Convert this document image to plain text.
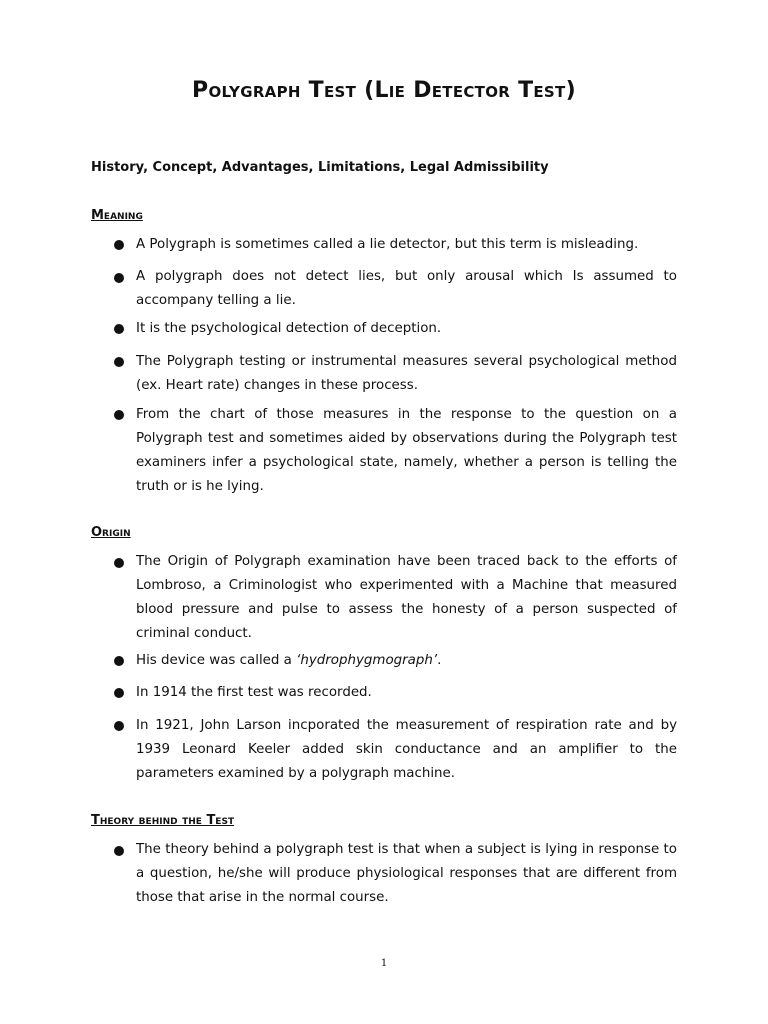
Polygraph Test (Lie Detector Test)

History, Concept, Advantages, Limitations, Legal Admissibility

Meaning

A Polygraph is sometimes called a lie detector, but this term is misleading.

A polygraph does not detect lies, but only arousal which Is assumed to accompany telling a lie.

It is the psychological detection of deception.

The Polygraph testing or instrumental measures several psychological method (ex. Heart rate) changes in these process.

From the chart of those measures in the response to the question on a Polygraph test and sometimes aided by observations during the Polygraph test examiners infer a psychological state, namely, whether a person is telling the truth or is he lying.

Origin

The Origin of Polygraph examination have been traced back to the efforts of Lombroso, a Criminologist who experimented with a Machine that measured blood pressure and pulse to assess the honesty of a person suspected of criminal conduct.

His device was called a ‘hydrophygmograph’.

In 1914 the first test was recorded.

In 1921, John Larson incporated the measurement of respiration rate and by 1939 Leonard Keeler added skin conductance and an amplifier to the parameters examined by a polygraph machine.

Theory behind the Test

The theory behind a polygraph test is that when a subject is lying in response to a question, he/she will produce physiological responses that are different from those that arise in the normal course.

1
